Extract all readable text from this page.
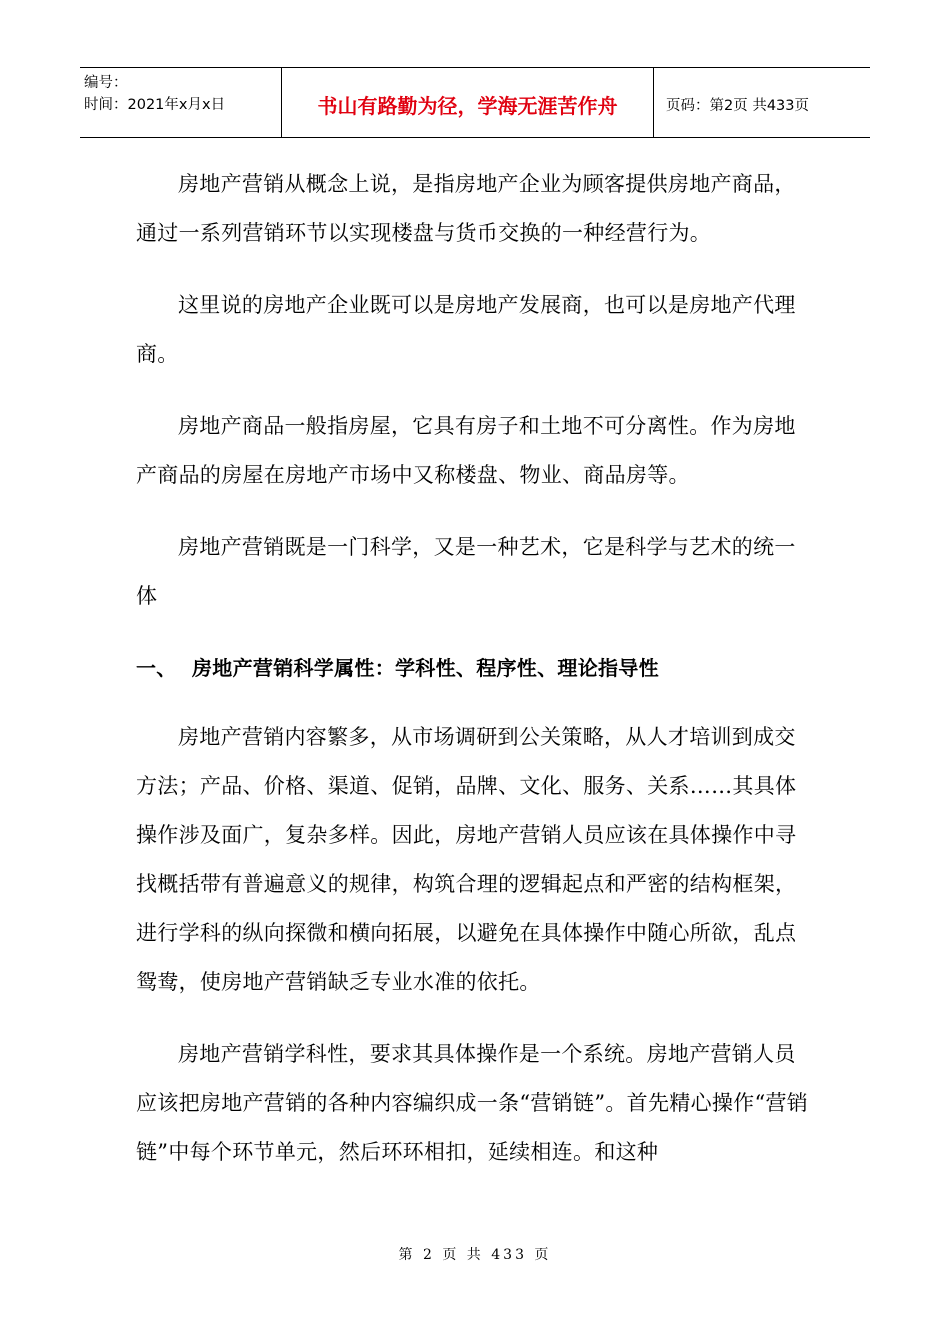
编号：
时间：2021年x月x日	书山有路勤为径，学海无涯苦作舟	页码：第2页 共433页

房地产营销从概念上说，是指房地产企业为顾客提供房地产商品，通过一系列营销环节以实现楼盘与货币交换的一种经营行为。

这里说的房地产企业既可以是房地产发展商，也可以是房地产代理商。

房地产商品一般指房屋，它具有房子和土地不可分离性。作为房地产商品的房屋在房地产市场中又称楼盘、物业、商品房等。

房地产营销既是一门科学，又是一种艺术，它是科学与艺术的统一体

一、 房地产营销科学属性：学科性、程序性、理论指导性

房地产营销内容繁多，从市场调研到公关策略，从人才培训到成交方法；产品、价格、渠道、促销，品牌、文化、服务、关系……其具体操作涉及面广，复杂多样。因此，房地产营销人员应该在具体操作中寻找概括带有普遍意义的规律，构筑合理的逻辑起点和严密的结构框架，进行学科的纵向探微和横向拓展，以避免在具体操作中随心所欲，乱点鸳鸯，使房地产营销缺乏专业水准的依托。

房地产营销学科性，要求其具体操作是一个系统。房地产营销人员应该把房地产营销的各种内容编织成一条“营销链”。首先精心操作“营销链”中每个环节单元，然后环环相扣，延续相连。和这种

第 2 页 共 433 页
